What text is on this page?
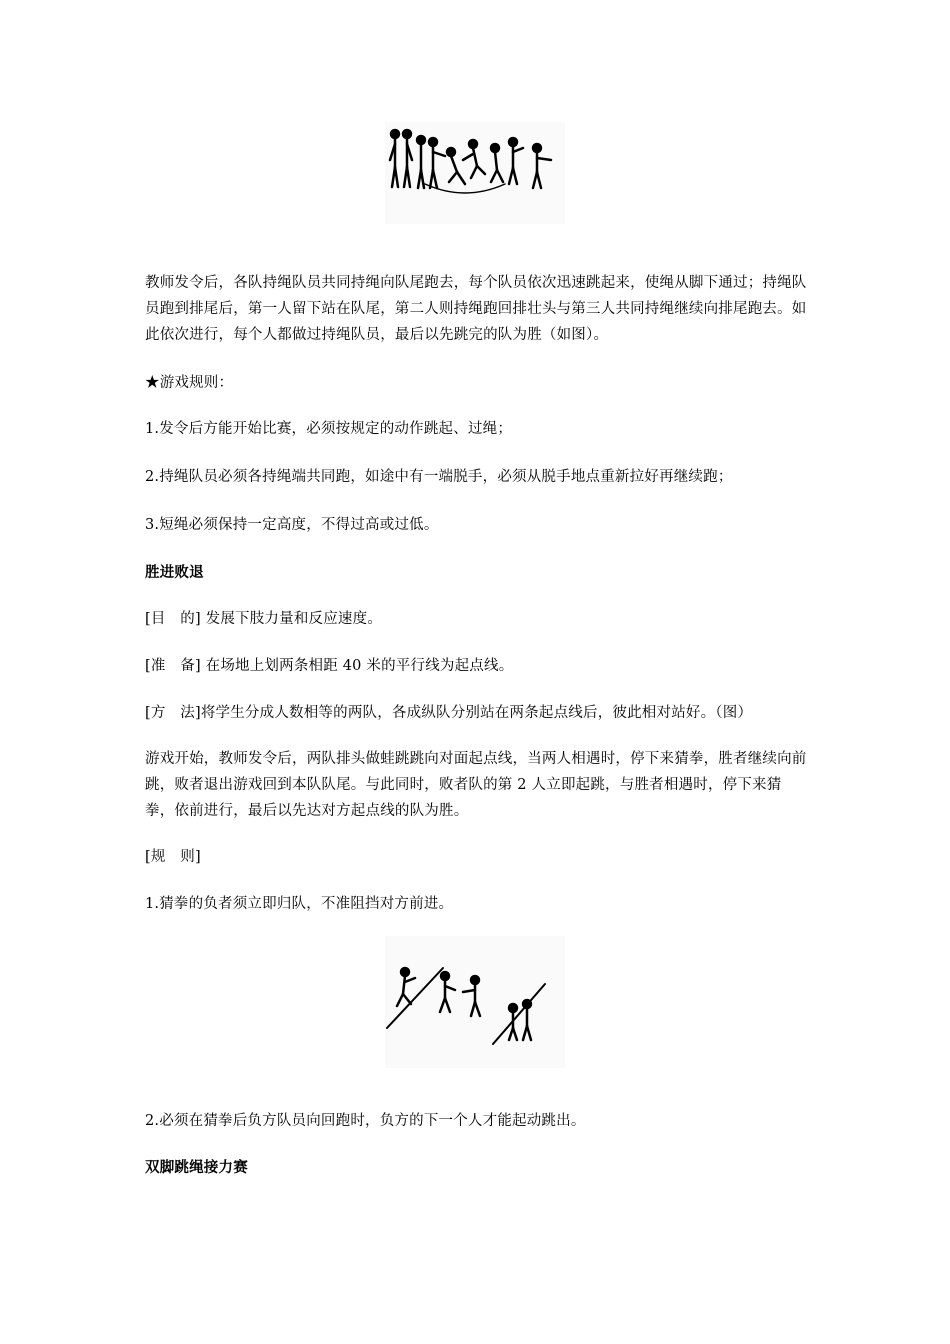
教师发令后，各队持绳队员共同持绳向队尾跑去，每个队员依次迅速跳起来，使绳从脚下通过；持绳队员跑到排尾后，第一人留下站在队尾，第二人则持绳跑回排壮头与第三人共同持绳继续向排尾跑去。如此依次进行，每个人都做过持绳队员，最后以先跳完的队为胜（如图）。

★游戏规则：

1.发令后方能开始比赛，必须按规定的动作跳起、过绳；

2.持绳队员必须各持绳端共同跑，如途中有一端脱手，必须从脱手地点重新拉好再继续跑；

3.短绳必须保持一定高度，不得过高或过低。

胜进败退

[目　的] 发展下肢力量和反应速度。

[准　备] 在场地上划两条相距 40 米的平行线为起点线。

[方　法]将学生分成人数相等的两队，各成纵队分别站在两条起点线后，彼此相对站好。（图）

游戏开始，教师发令后，两队排头做蛙跳跳向对面起点线，当两人相遇时，停下来猜拳，胜者继续向前跳，败者退出游戏回到本队队尾。与此同时，败者队的第 2 人立即起跳，与胜者相遇时，停下来猜拳，依前进行，最后以先达对方起点线的队为胜。

[规　则]

1.猜拳的负者须立即归队，不准阻挡对方前进。

2.必须在猜拳后负方队员向回跑时，负方的下一个人才能起动跳出。

双脚跳绳接力赛
